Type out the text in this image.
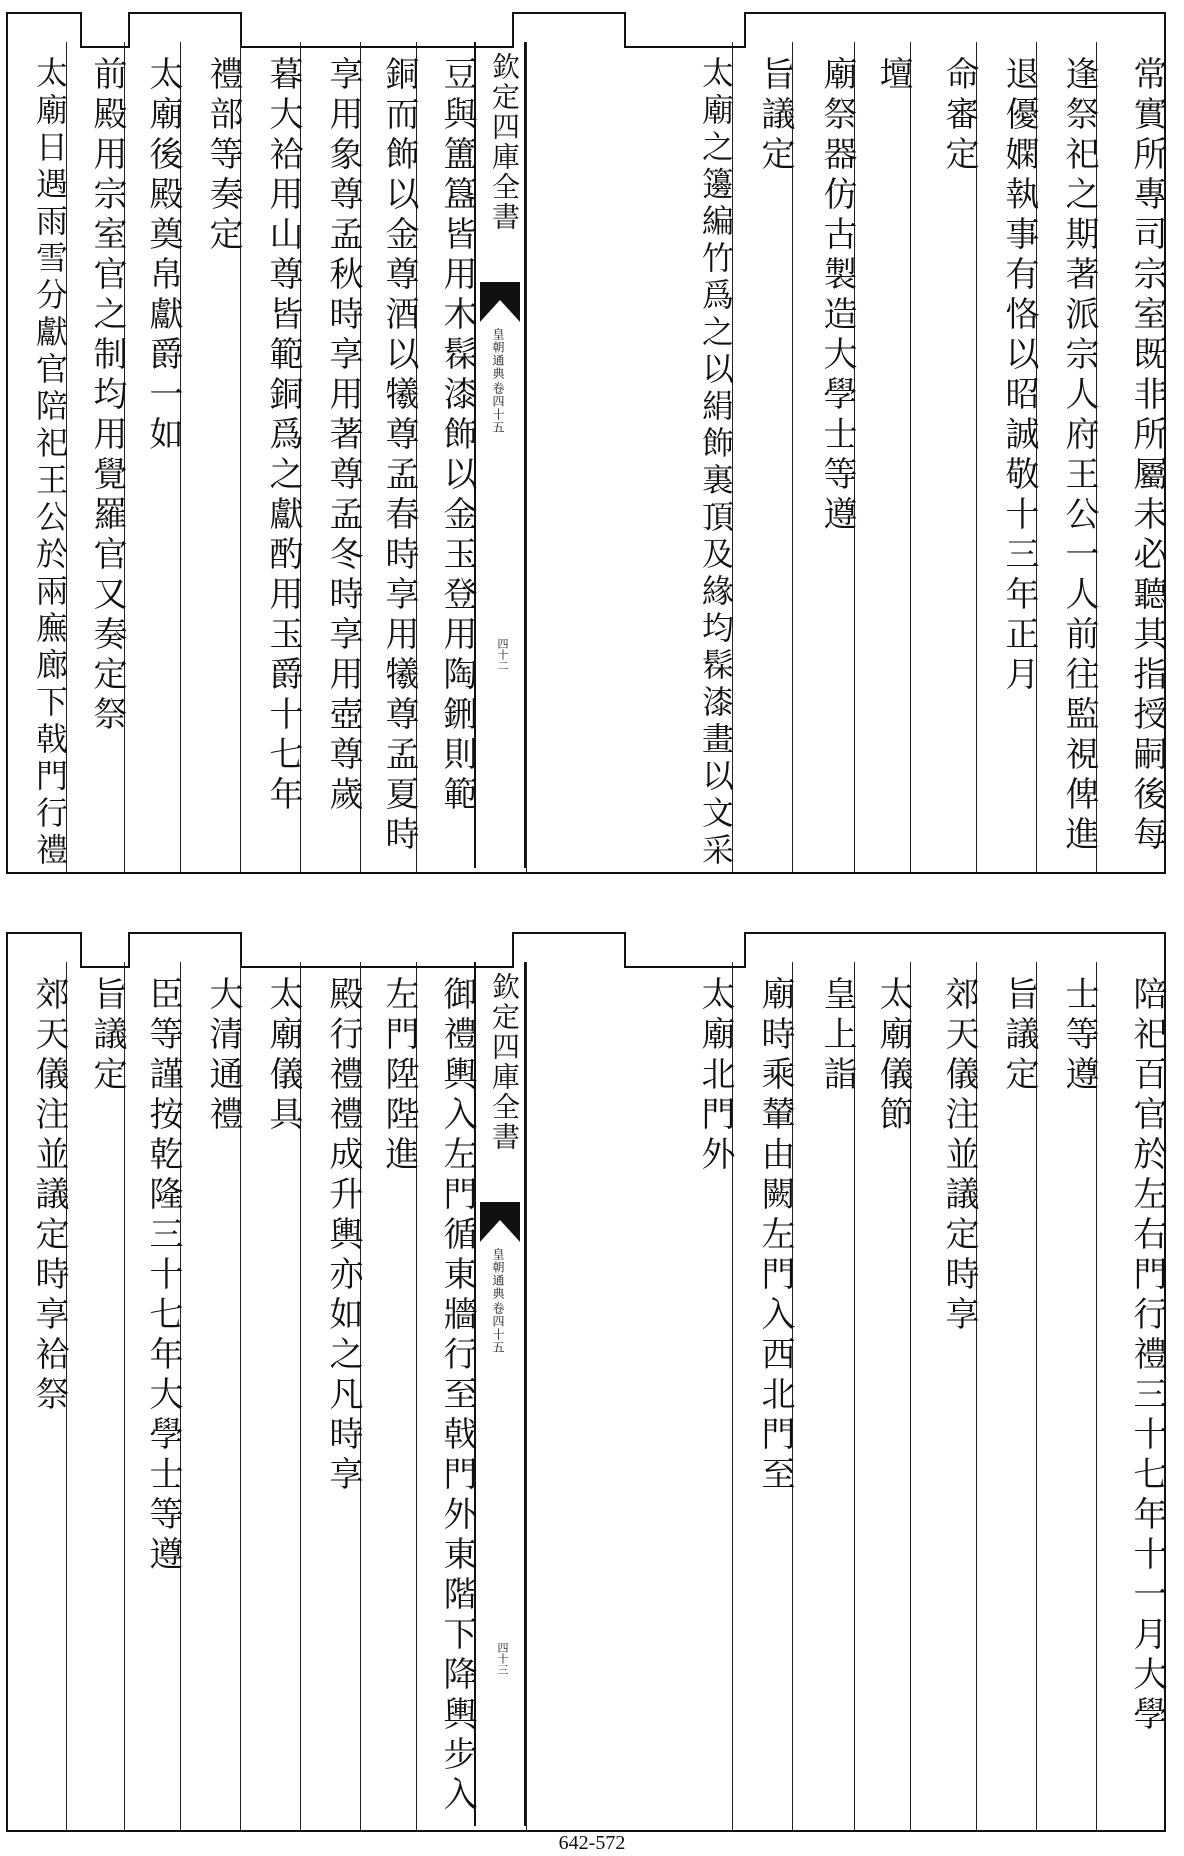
常實所專司宗室既非所屬未必聽其指授嗣後每
逢祭祀之期著派宗人府王公一人前往監視俾進
退優嫻執事有恪以昭誠敬十三年正月
命審定
壇
廟祭器仿古製造大學士等遵
旨議定
太廟之籩編竹爲之以絹飾裏頂及緣均髹漆畫以文采
豆與簠簋皆用木髹漆飾以金玉登用陶鉶則範
銅而飾以金尊酒以犧尊孟春時享用犧尊孟夏時
享用象尊孟秋時享用著尊孟冬時享用壺尊歲
暮大袷用山尊皆範銅爲之獻酌用玉爵十七年
禮部等奏定
太廟後殿奠帛獻爵一如
前殿用宗室官之制均用覺羅官又奏定祭
太廟日遇雨雪分獻官陪祀王公於兩廡廊下戟門行禮	欽定四庫全書
皇朝通典
卷四十五
四十二
陪祀百官於左右門行禮三十七年十一月大學
士等遵
旨議定
郊天儀注並議定時享
太廟儀節
皇上詣
廟時乘輦由闕左門入西北門至
太廟北門外
御禮輿入左門循東牆行至戟門外東階下降輿步入
左門陞陛進
殿行禮禮成升輿亦如之凡時享
太廟儀具
大清通禮
臣等謹按乾隆三十七年大學士等遵
旨議定
郊天儀注並議定時享袷祭	欽定四庫全書
皇朝通典
卷四十五
四十三
642-572
